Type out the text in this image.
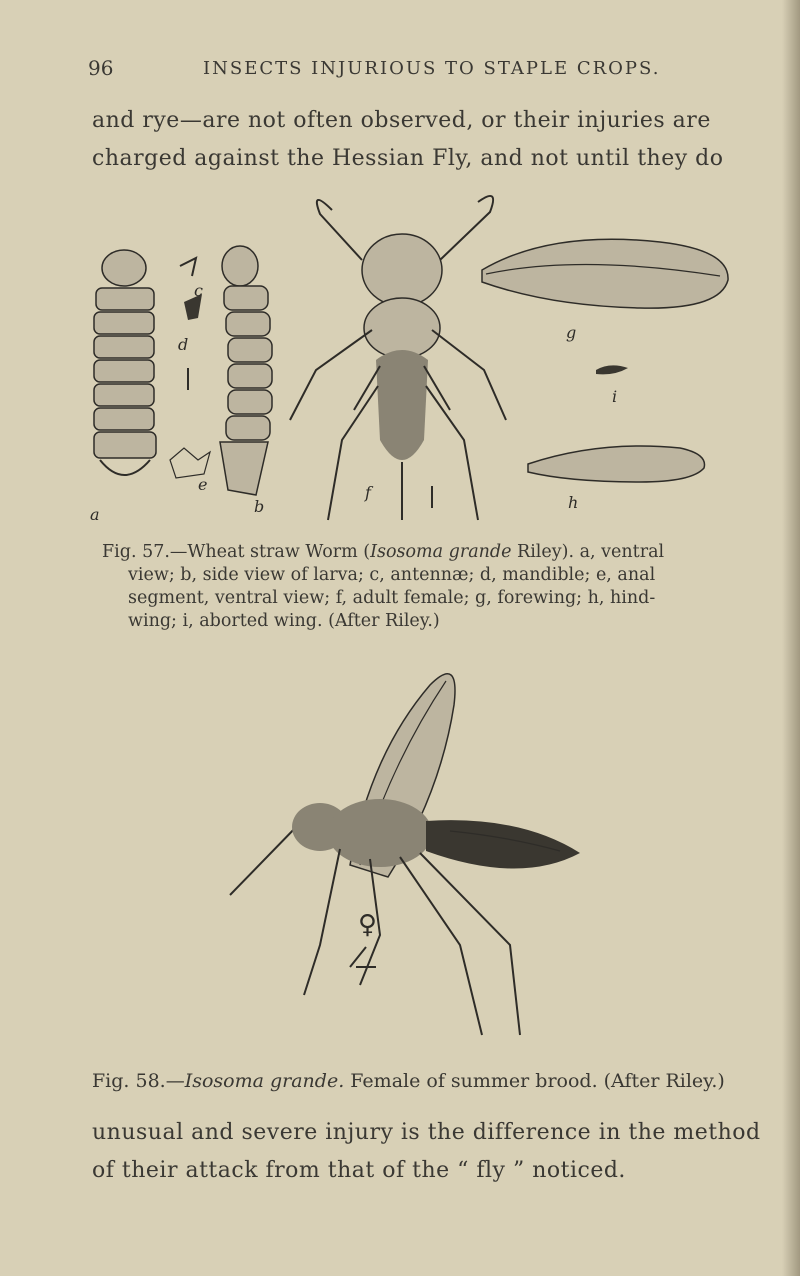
96	INSECTS INJURIOUS TO STAPLE CROPS.
and rye—are not often observed, or their injuries are
charged against the Hessian Fly, and not until they do
a	b
c
d
e	f
g
i
h
Fig. 57.—Wheat straw Worm (Isosoma grande Riley). a, ventral
view; b, side view of larva; c, antennæ; d, mandible; e, anal
segment, ventral view; f, adult female; g, forewing; h, hind-
wing; i, aborted wing. (After Riley.)
♀
Fig. 58.—Isosoma grande. Female of summer brood. (After Riley.)
unusual and severe injury is the difference in the method
of their attack from that of the “ fly ” noticed.
